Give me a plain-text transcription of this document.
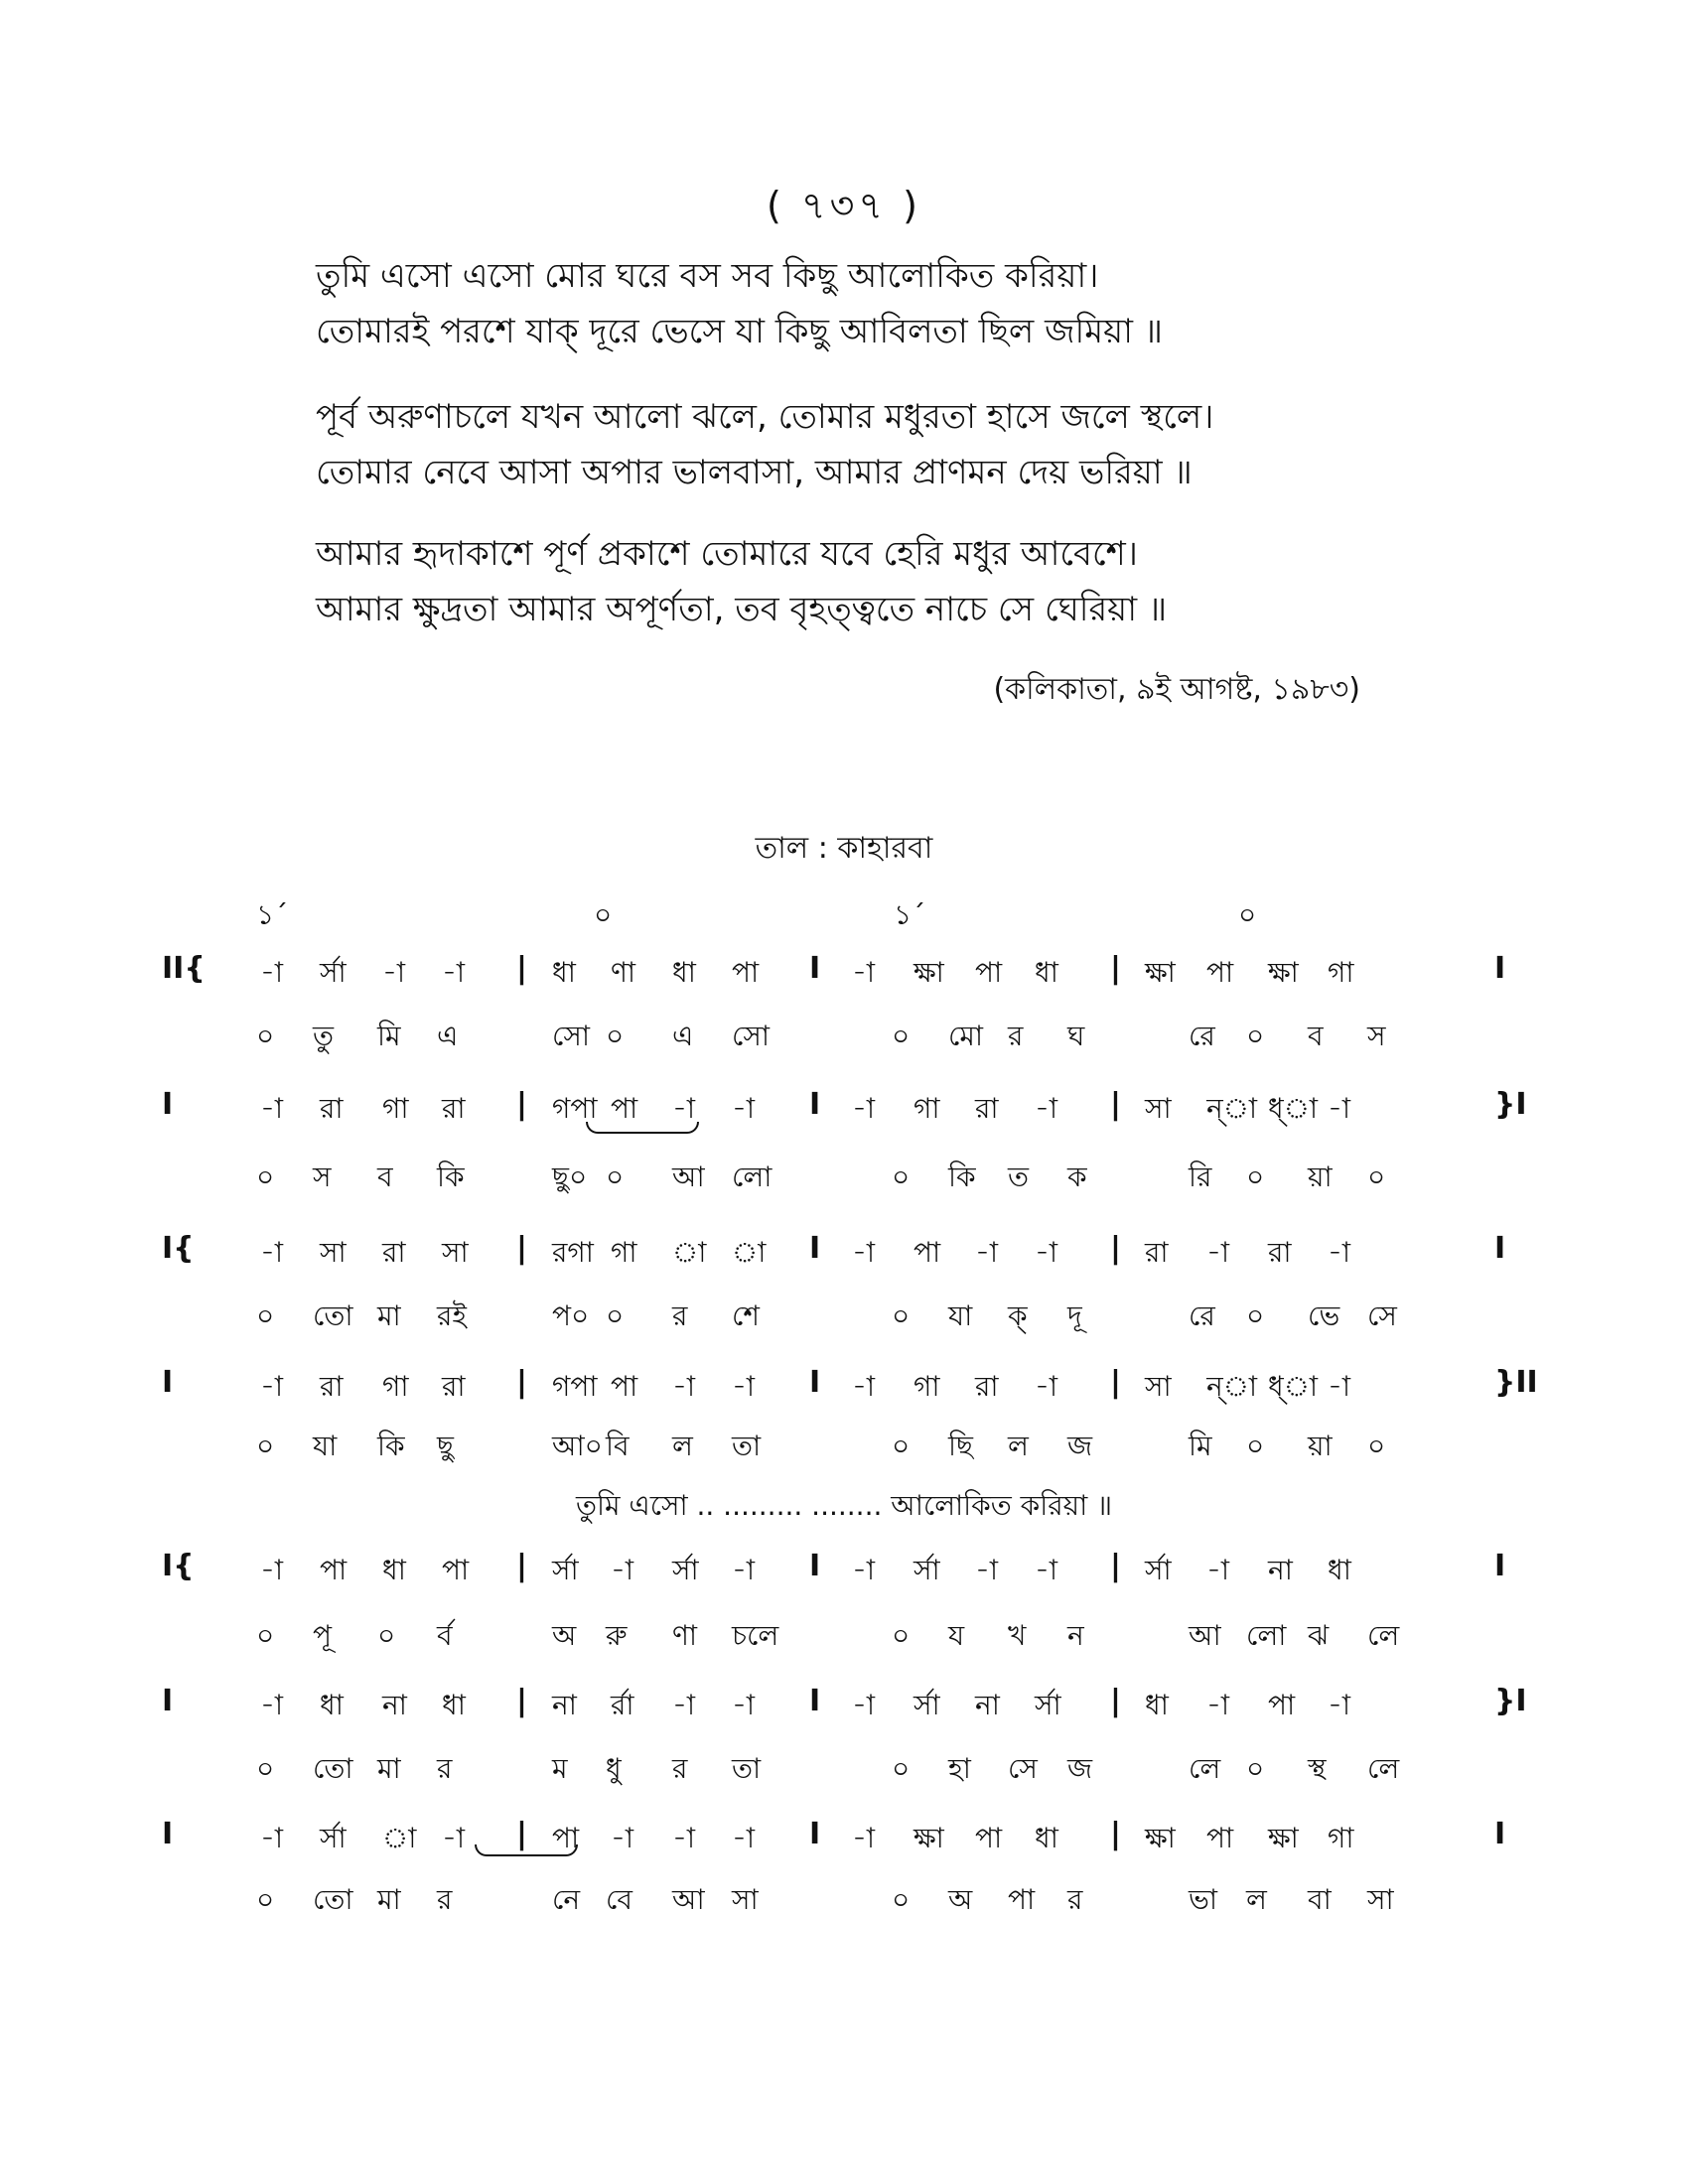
( ৭৩৭ )
তুমি এসো এসো মোর ঘরে বস সব কিছু আলোকিত করিয়া।
তোমারই পরশে যাক্ দূরে ভেসে যা কিছু আবিলতা ছিল জমিয়া ॥
পূর্ব অরুণাচলে যখন আলো ঝলে, তোমার মধুরতা হাসে জলে স্থলে।
তোমার নেবে আসা অপার ভালবাসা, আমার প্রাণমন দেয় ভরিয়া ॥
আমার হৃদাকাশে পূর্ণ প্রকাশে তোমারে যবে হেরি মধুর আবেশে।
আমার ক্ষুদ্রতা আমার অপূর্ণতা, তব বৃহত্ত্বতে নাচে সে ঘেরিয়া ॥
(কলিকাতা, ৯ই আগষ্ট, ১৯৮৩)
তাল : কাহারবা
১´	০	১´	০
II{ -া র্সা -া -া | ধা ণা ধা পা I -া ক্ষা পা ধা | ক্ষা পা ক্ষা গা	I
০ তু মি এ	সো ০ এ সো	০ মো র ঘ	রে ০ ব স
I	-া রা গা রা | গপা পা -া -া I -া গা রা -া | সা ন্‌া ধ্‌া -া	}I
০ স ব কি	ছু০ ০ আ লো	০ কি ত ক	রি ০ য়া ০
I{ -া সা রা সা | রগা গা া া I -া পা -া -া | রা -া রা -া	I
০ তো মা রই	প০ ০ র শে	০ যা ক্ দূ	রে ০ ভে সে
I	-া রা গা রা | গপা পা -া -া I -া গা রা -া | সা ন্‌া ধ্‌া -া	}II
০ যা কি ছু	আ০ বি ল তা	০ ছি ল জ	মি ০ য়া ০
I{ -া পা ধা পা | র্সা -া র্সা -া I -া র্সা -া -া | র্সা -া না ধা	I
০ পূ ০ র্ব	অ রু ণা চলে	০ য খ ন	আ লো ঝ লে
I	-া ধা না ধা | না র্রা -া -া I -া র্সা না র্সা | ধা -া পা -া	}I
০ তো মা র	ম ধু র তা	০ হা সে জ	লে ০ স্থ লে
I	-া র্সা া -া | পা -া -া -া I -া ক্ষা পা ধা | ক্ষা পা ক্ষা গা	I
০ তো মা র	নে বে আ সা	০ অ পা র	ভা ল বা সা
তুমি এসো .. ......... ........ আলোকিত করিয়া ॥
